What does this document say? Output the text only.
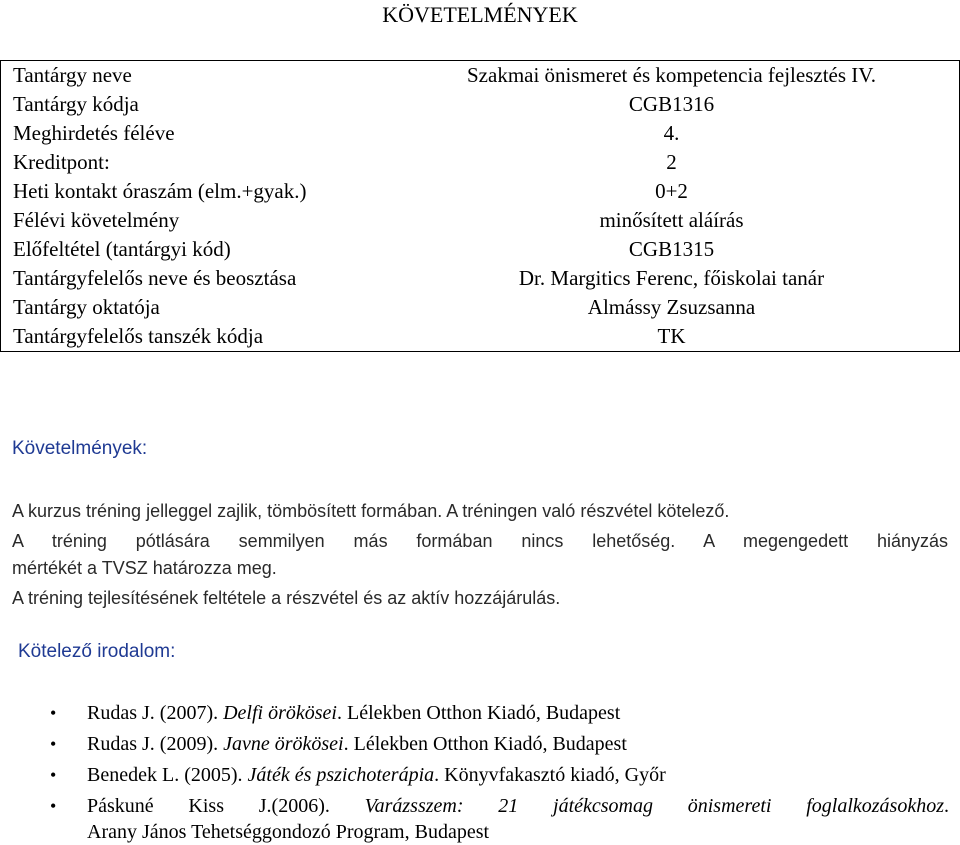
KÖVETELMÉNYEK
Tantárgy neve	Szakmai önismeret és kompetencia fejlesztés IV.
Tantárgy kódja	CGB1316
Meghirdetés féléve	4.
Kreditpont:	2
Heti kontakt óraszám (elm.+gyak.)	0+2
Félévi követelmény	minősített aláírás
Előfeltétel (tantárgyi kód)	CGB1315
Tantárgyfelelős neve és beosztása	Dr. Margitics Ferenc, főiskolai tanár
Tantárgy oktatója	Almássy Zsuzsanna
Tantárgyfelelős tanszék kódja	TK
Követelmények:
A kurzus tréning jelleggel zajlik, tömbösített formában. A tréningen való részvétel kötelező.
A tréning pótlására semmilyen más formában nincs lehetőség. A megengedett hiányzás
mértékét a TVSZ határozza meg.
A tréning tejlesítésének feltétele a részvétel és az aktív hozzájárulás.
Kötelező irodalom:
• Rudas J. (2007). Delfi örökösei. Lélekben Otthon Kiadó, Budapest
• Rudas J. (2009). Javne örökösei. Lélekben Otthon Kiadó, Budapest
• Benedek L. (2005). Játék és pszichoterápia. Könyvfakasztó kiadó, Győr
• Páskuné Kiss J.(2006). Varázsszem: 21 játékcsomag önismereti foglalkozásokhoz.
Arany János Tehetséggondozó Program, Budapest
